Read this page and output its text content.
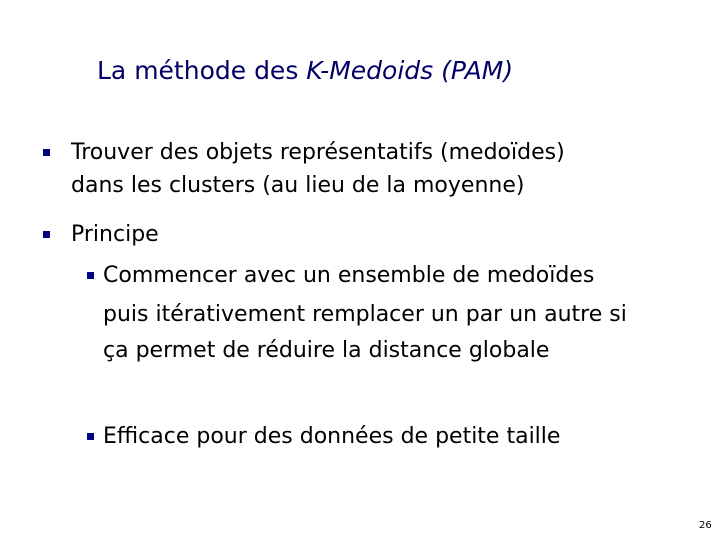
La méthode des K-Medoids (PAM)
Trouver des objets représentatifs (medoïdes)
dans les clusters (au lieu de la moyenne)
Principe
Commencer avec un ensemble de medoïdes
puis itérativement remplacer un par un autre si
ça permet de réduire la distance globale
Efficace pour des données de petite taille
26
